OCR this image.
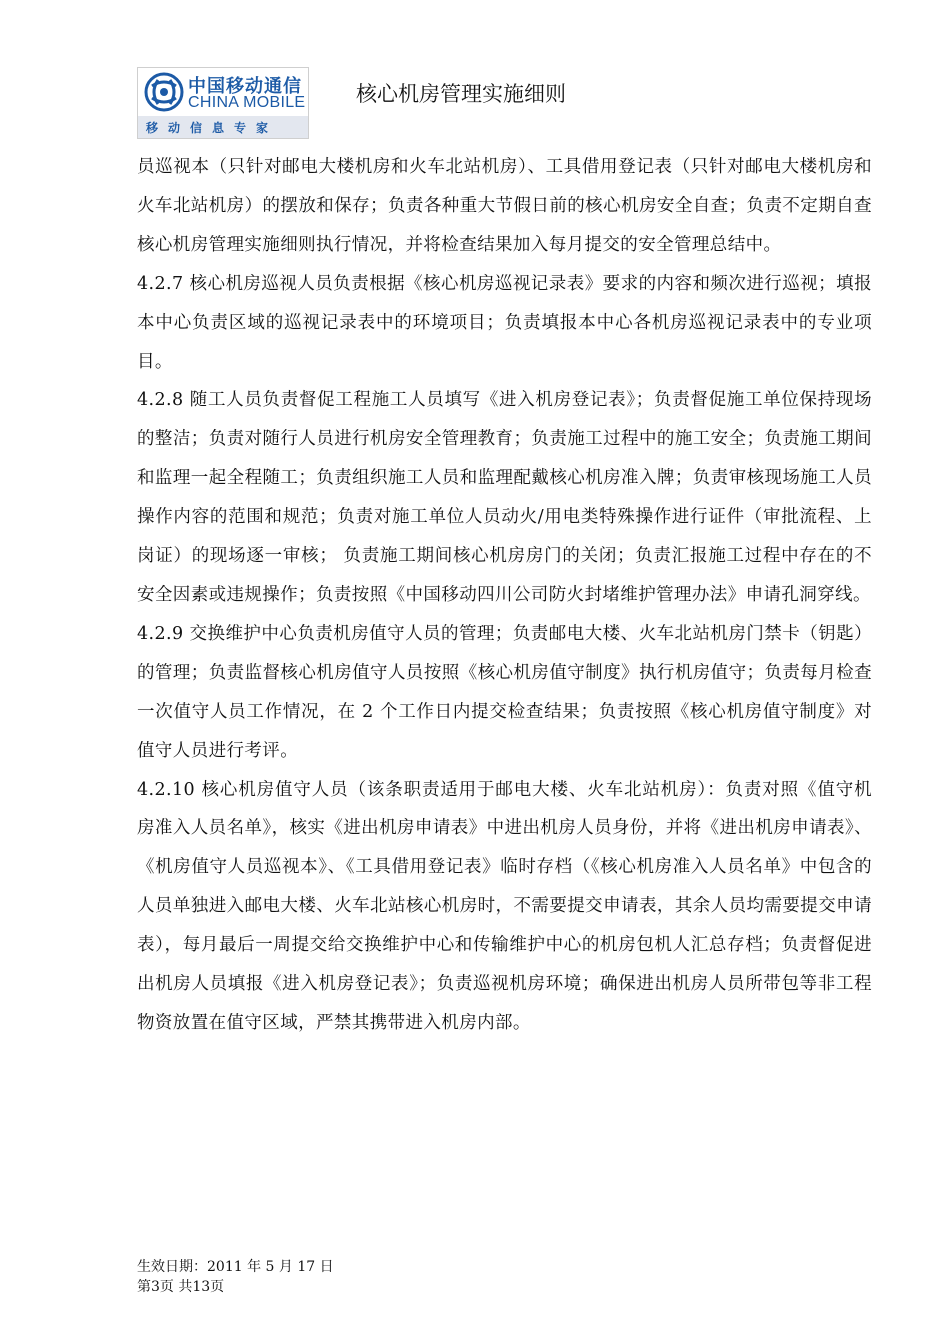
中国移动通信
CHINA MOBILE
移动信息专家
核心机房管理实施细则

员巡视本（只针对邮电大楼机房和火车北站机房）、工具借用登记表（只针对邮电大楼机房和火车北站机房）的摆放和保存；负责各种重大节假日前的核心机房安全自查；负责不定期自查核心机房管理实施细则执行情况，并将检查结果加入每月提交的安全管理总结中。

4.2.7 核心机房巡视人员负责根据《核心机房巡视记录表》要求的内容和频次进行巡视；填报本中心负责区域的巡视记录表中的环境项目；负责填报本中心各机房巡视记录表中的专业项目。

4.2.8 随工人员负责督促工程施工人员填写《进入机房登记表》；负责督促施工单位保持现场的整洁；负责对随行人员进行机房安全管理教育；负责施工过程中的施工安全；负责施工期间和监理一起全程随工；负责组织施工人员和监理配戴核心机房准入牌；负责审核现场施工人员操作内容的范围和规范；负责对施工单位人员动火/用电类特殊操作进行证件（审批流程、上岗证）的现场逐一审核； 负责施工期间核心机房房门的关闭；负责汇报施工过程中存在的不安全因素或违规操作；负责按照《中国移动四川公司防火封堵维护管理办法》申请孔洞穿线。

4.2.9 交换维护中心负责机房值守人员的管理；负责邮电大楼、火车北站机房门禁卡（钥匙）的管理；负责监督核心机房值守人员按照《核心机房值守制度》执行机房值守；负责每月检查一次值守人员工作情况，在 2 个工作日内提交检查结果；负责按照《核心机房值守制度》对值守人员进行考评。

4.2.10 核心机房值守人员（该条职责适用于邮电大楼、火车北站机房）：负责对照《值守机房准入人员名单》，核实《进出机房申请表》中进出机房人员身份，并将《进出机房申请表》、《机房值守人员巡视本》、《工具借用登记表》临时存档（《核心机房准入人员名单》中包含的人员单独进入邮电大楼、火车北站核心机房时，不需要提交申请表，其余人员均需要提交申请表），每月最后一周提交给交换维护中心和传输维护中心的机房包机人汇总存档；负责督促进出机房人员填报《进入机房登记表》；负责巡视机房环境；确保进出机房人员所带包等非工程物资放置在值守区域，严禁其携带进入机房内部。

生效日期：2011 年 5 月 17 日
第3页 共13页
